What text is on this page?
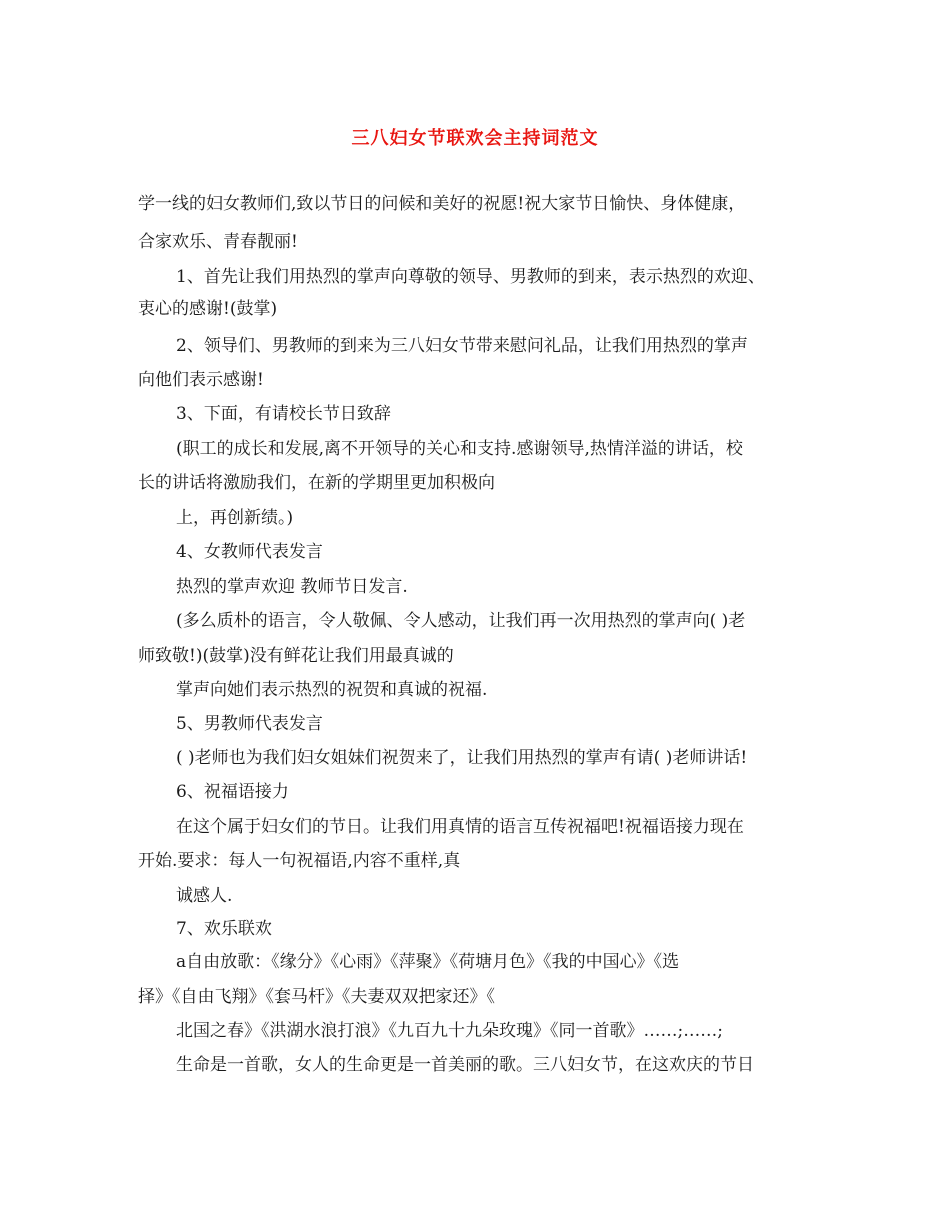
三八妇女节联欢会主持词范文
学一线的妇女教师们,致以节日的问候和美好的祝愿!祝大家节日愉快、身体健康，
合家欢乐、青春靓丽!
1、首先让我们用热烈的掌声向尊敬的领导、男教师的到来，表示热烈的欢迎、
衷心的感谢!(鼓掌)
2、领导们、男教师的到来为三八妇女节带来慰问礼品，让我们用热烈的掌声
向他们表示感谢!
3、下面，有请校长节日致辞
(职工的成长和发展,离不开领导的关心和支持.感谢领导,热情洋溢的讲话，校
长的讲话将激励我们，在新的学期里更加积极向
上，再创新绩。)
4、女教师代表发言
热烈的掌声欢迎 教师节日发言.
(多么质朴的语言，令人敬佩、令人感动，让我们再一次用热烈的掌声向( )老
师致敬!)(鼓掌)没有鲜花让我们用最真诚的
掌声向她们表示热烈的祝贺和真诚的祝福.
5、男教师代表发言
( )老师也为我们妇女姐妹们祝贺来了，让我们用热烈的掌声有请( )老师讲话!
6、祝福语接力
在这个属于妇女们的节日。让我们用真情的语言互传祝福吧!祝福语接力现在
开始.要求：每人一句祝福语,内容不重样,真
诚感人.
7、欢乐联欢
a自由放歌：《缘分》《心雨》《萍聚》《荷塘月色》《我的中国心》《选
择》《自由飞翔》《套马杆》《夫妻双双把家还》《
北国之春》《洪湖水浪打浪》《九百九十九朵玫瑰》《同一首歌》……;……;
生命是一首歌，女人的生命更是一首美丽的歌。三八妇女节，在这欢庆的节日
